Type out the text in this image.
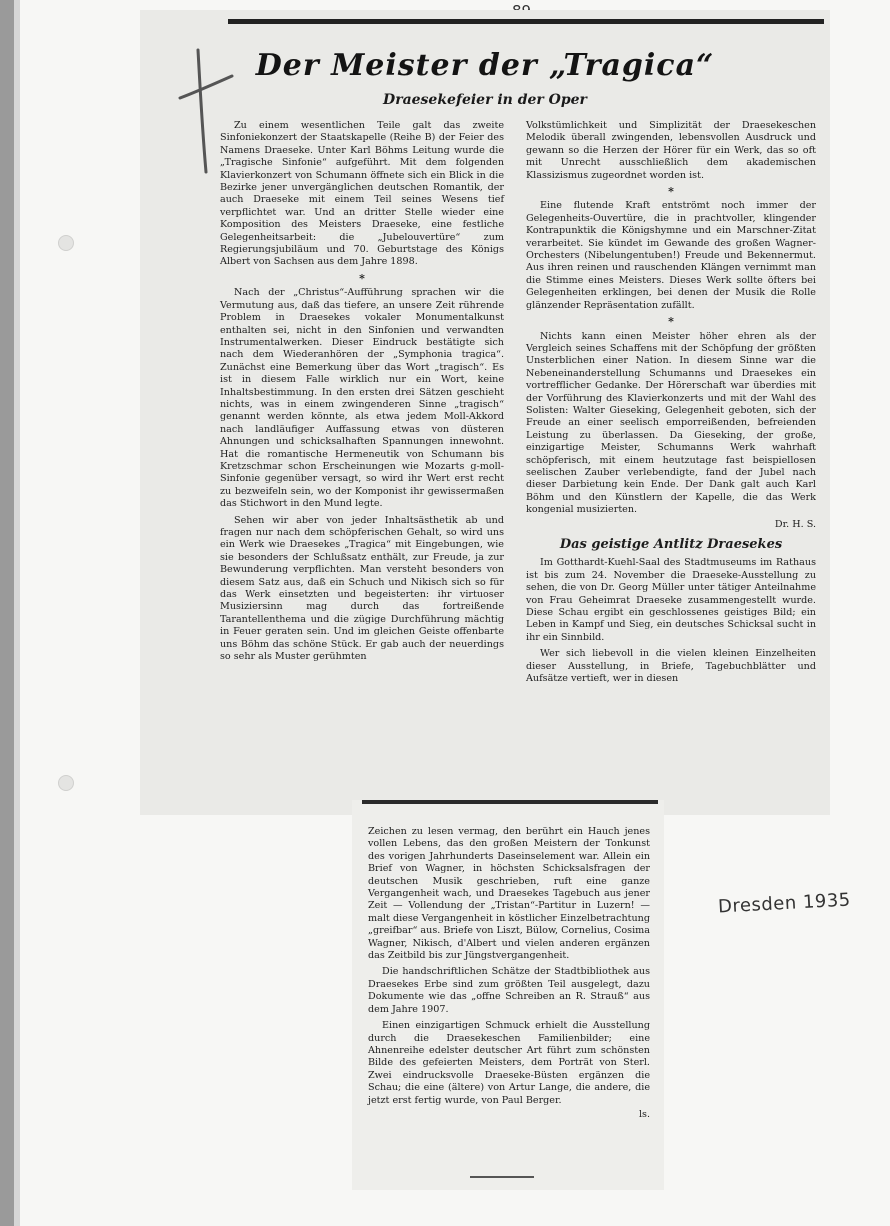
Der Meister der „Tragica“
Draesekefeier in der Oper

Zu einem wesentlichen Teile galt das zweite Sinfoniekonzert der Staatskapelle (Reihe B) der Feier des Namens Draeseke. Unter Karl Böhms Leitung wurde die „Tragische Sinfonie“ aufgeführt. Mit dem folgenden Klavierkonzert von Schumann öffnete sich ein Blick in die Bezirke jener unvergänglichen deutschen Romantik, der auch Draeseke mit einem Teil seines Wesens tief verpflichtet war. Und an dritter Stelle wieder eine Komposition des Meisters Draeseke, eine festliche Gelegenheitsarbeit: die „Jubelouvertüre“ zum Regierungsjubiläum und 70. Geburtstage des Königs Albert von Sachsen aus dem Jahre 1898.

*

Nach der „Christus“-Aufführung sprachen wir die Vermutung aus, daß das tiefere, an unsere Zeit rührende Problem in Draesekes vokaler Monumentalkunst enthalten sei, nicht in den Sinfonien und verwandten Instrumentalwerken. Dieser Eindruck bestätigte sich nach dem Wiederanhören der „Symphonia tragica“. Zunächst eine Bemerkung über das Wort „tragisch“. Es ist in diesem Falle wirklich nur ein Wort, keine Inhaltsbestimmung. In den ersten drei Sätzen geschieht nichts, was in einem zwingenderen Sinne „tragisch“ genannt werden könnte, als etwa jedem Moll-Akkord nach landläufiger Auffassung etwas von düsteren Ahnungen und schicksalhaften Spannungen innewohnt. Hat die romantische Hermeneutik von Schumann bis Kretzschmar schon Erscheinungen wie Mozarts g-moll-Sinfonie gegenüber versagt, so wird ihr Wert erst recht zu bezweifeln sein, wo der Komponist ihr gewissermaßen das Stichwort in den Mund legte.

Sehen wir aber von jeder Inhaltsästhetik ab und fragen nur nach dem schöpferischen Gehalt, so wird uns ein Werk wie Draesekes „Tragica“ mit Eingebungen, wie sie besonders der Schlußsatz enthält, zur Freude, ja zur Bewunderung verpflichten. Man versteht besonders von diesem Satz aus, daß ein Schuch und Nikisch sich so für das Werk einsetzten und begeisterten: ihr virtuoser Musiziersinn mag durch das fortreißende Tarantellenthema und die zügige Durchführung mächtig in Feuer geraten sein. Und im gleichen Geiste offenbarte uns Böhm das schöne Stück. Er gab auch der neuerdings so sehr als Muster gerühmten

Volkstümlichkeit und Simplizität der Draesekeschen Melodik überall zwingenden, lebensvollen Ausdruck und gewann so die Herzen der Hörer für ein Werk, das so oft mit Unrecht ausschließlich dem akademischen Klassizismus zugeordnet worden ist.

*

Eine flutende Kraft entströmt noch immer der Gelegenheits-Ouvertüre, die in prachtvoller, klingender Kontrapunktik die Königshymne und ein Marschner-Zitat verarbeitet. Sie kündet im Gewande des großen Wagner-Orchesters (Nibelungentuben!) Freude und Bekennermut. Aus ihren reinen und rauschenden Klängen vernimmt man die Stimme eines Meisters. Dieses Werk sollte öfters bei Gelegenheiten erklingen, bei denen der Musik die Rolle glänzender Repräsentation zufällt.

*

Nichts kann einen Meister höher ehren als der Vergleich seines Schaffens mit der Schöpfung der größten Unsterblichen einer Nation. In diesem Sinne war die Nebeneinanderstellung Schumanns und Draesekes ein vortrefflicher Gedanke. Der Hörerschaft war überdies mit der Vorführung des Klavierkonzerts und mit der Wahl des Solisten: Walter Gieseking, Gelegenheit geboten, sich der Freude an einer seelisch emporreißenden, befreienden Leistung zu überlassen. Da Gieseking, der große, einzigartige Meister, Schumanns Werk wahrhaft schöpferisch, mit einem heutzutage fast beispiellosen seelischen Zauber verlebendigte, fand der Jubel nach dieser Darbietung kein Ende. Der Dank galt auch Karl Böhm und den Künstlern der Kapelle, die das Werk kongenial musizierten.

Dr. H. S.
Das geistige Antlitz Draesekes

Im Gotthardt-Kuehl-Saal des Stadtmuseums im Rathaus ist bis zum 24. November die Draeseke-Ausstellung zu sehen, die von Dr. Georg Müller unter tätiger Anteilnahme von Frau Geheimrat Draeseke zusammengestellt wurde. Diese Schau ergibt ein geschlossenes geistiges Bild; ein Leben in Kampf und Sieg, ein deutsches Schicksal sucht in ihr ein Sinnbild.

Wer sich liebevoll in die vielen kleinen Einzelheiten dieser Ausstellung, in Briefe, Tagebuchblätter und Aufsätze vertieft, wer in diesen

Zeichen zu lesen vermag, den berührt ein Hauch jenes vollen Lebens, das den großen Meistern der Tonkunst des vorigen Jahrhunderts Daseinselement war. Allein ein Brief von Wagner, in höchsten Schicksalsfragen der deutschen Musik geschrieben, ruft eine ganze Vergangenheit wach, und Draesekes Tagebuch aus jener Zeit — Vollendung der „Tristan“-Partitur in Luzern! — malt diese Vergangenheit in köstlicher Einzelbetrachtung „greifbar“ aus. Briefe von Liszt, Bülow, Cornelius, Cosima Wagner, Nikisch, d'Albert und vielen anderen ergänzen das Zeitbild bis zur Jüngstvergangenheit.

Die handschriftlichen Schätze der Stadtbibliothek aus Draesekes Erbe sind zum größten Teil ausgelegt, dazu Dokumente wie das „offne Schreiben an R. Strauß“ aus dem Jahre 1907.

Einen einzigartigen Schmuck erhielt die Ausstellung durch die Draesekeschen Familienbilder; eine Ahnenreihe edelster deutscher Art führt zum schönsten Bilde des gefeierten Meisters, dem Porträt von Sterl. Zwei eindrucksvolle Draeseke-Büsten ergänzen die Schau; die eine (ältere) von Artur Lange, die andere, die jetzt erst fertig wurde, von Paul Berger.

ls.
Dresden 1935
